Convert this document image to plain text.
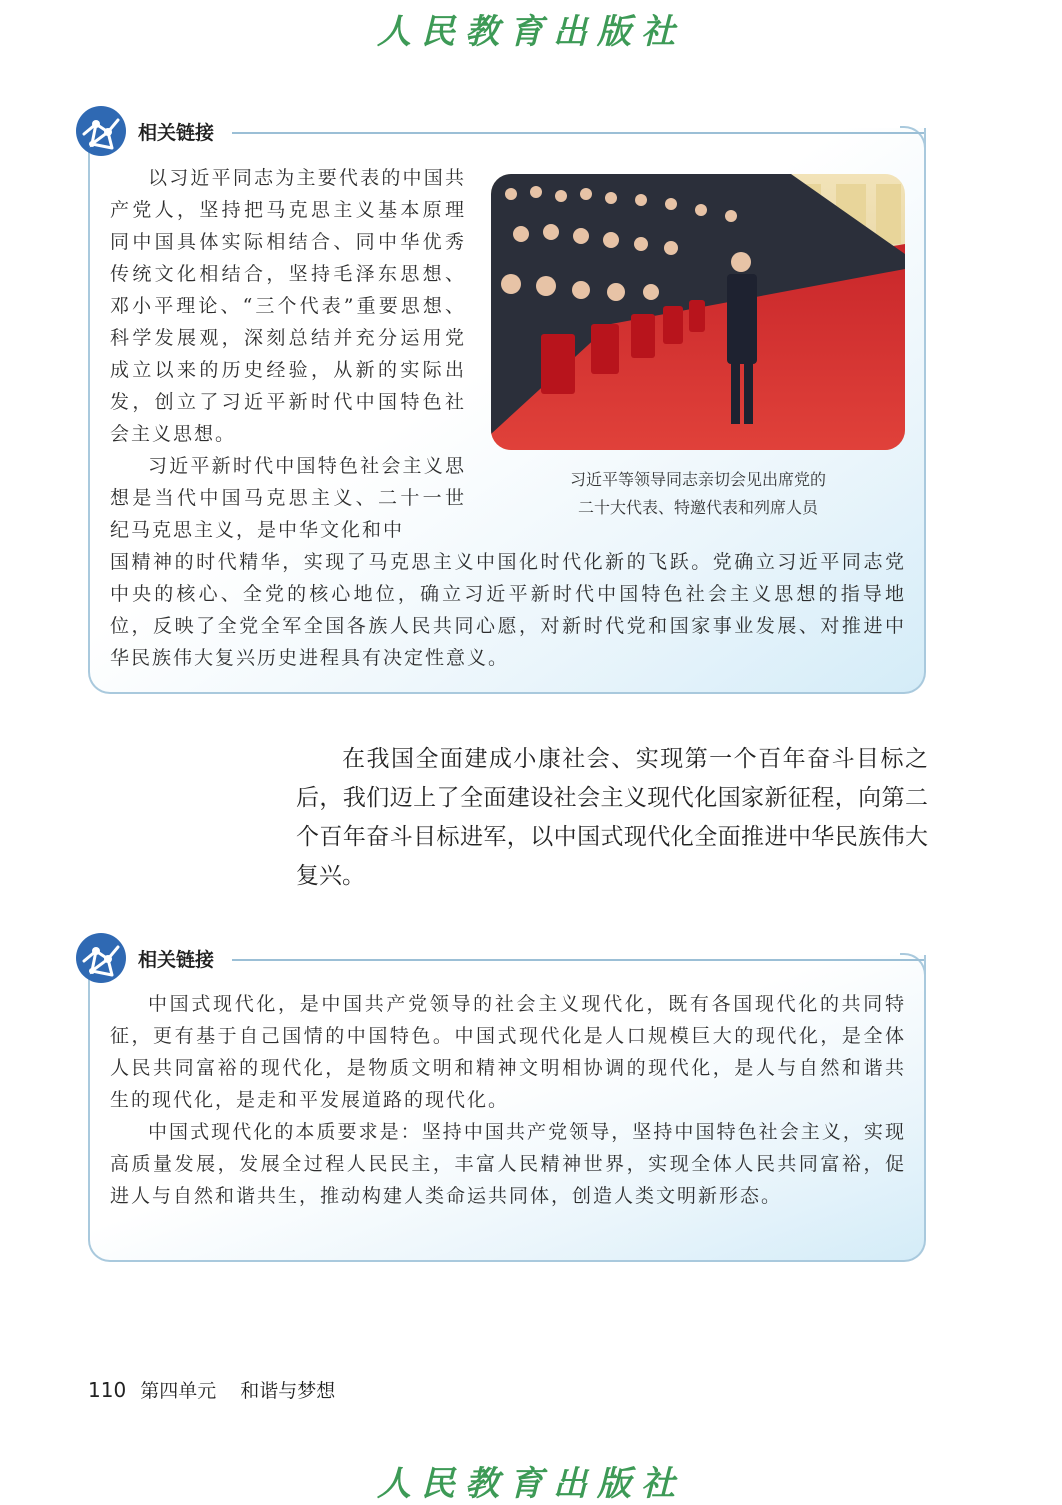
人民教育出版社
相关链接

以习近平同志为主要代表的中国共产党人，坚持把马克思主义基本原理同中国具体实际相结合、同中华优秀传统文化相结合，坚持毛泽东思想、邓小平理论、“三个代表”重要思想、科学发展观，深刻总结并充分运用党成立以来的历史经验，从新的实际出发，创立了习近平新时代中国特色社会主义思想。

习近平新时代中国特色社会主义思想是当代中国马克思主义、二十一世纪马克思主义，是中华文化和中

国精神的时代精华，实现了马克思主义中国化时代化新的飞跃。党确立习近平同志党中央的核心、全党的核心地位，确立习近平新时代中国特色社会主义思想的指导地位，反映了全党全军全国各族人民共同心愿，对新时代党和国家事业发展、对推进中华民族伟大复兴历史进程具有决定性意义。
习近平等领导同志亲切会见出席党的
二十大代表、特邀代表和列席人员

在我国全面建成小康社会、实现第一个百年奋斗目标之后，我们迈上了全面建设社会主义现代化国家新征程，向第二个百年奋斗目标进军，以中国式现代化全面推进中华民族伟大复兴。

相关链接

中国式现代化，是中国共产党领导的社会主义现代化，既有各国现代化的共同特征，更有基于自己国情的中国特色。中国式现代化是人口规模巨大的现代化，是全体人民共同富裕的现代化，是物质文明和精神文明相协调的现代化，是人与自然和谐共生的现代化，是走和平发展道路的现代化。

中国式现代化的本质要求是：坚持中国共产党领导，坚持中国特色社会主义，实现高质量发展，发展全过程人民民主，丰富人民精神世界，实现全体人民共同富裕，促进人与自然和谐共生，推动构建人类命运共同体，创造人类文明新形态。

110 第四单元 和谐与梦想
人民教育出版社
